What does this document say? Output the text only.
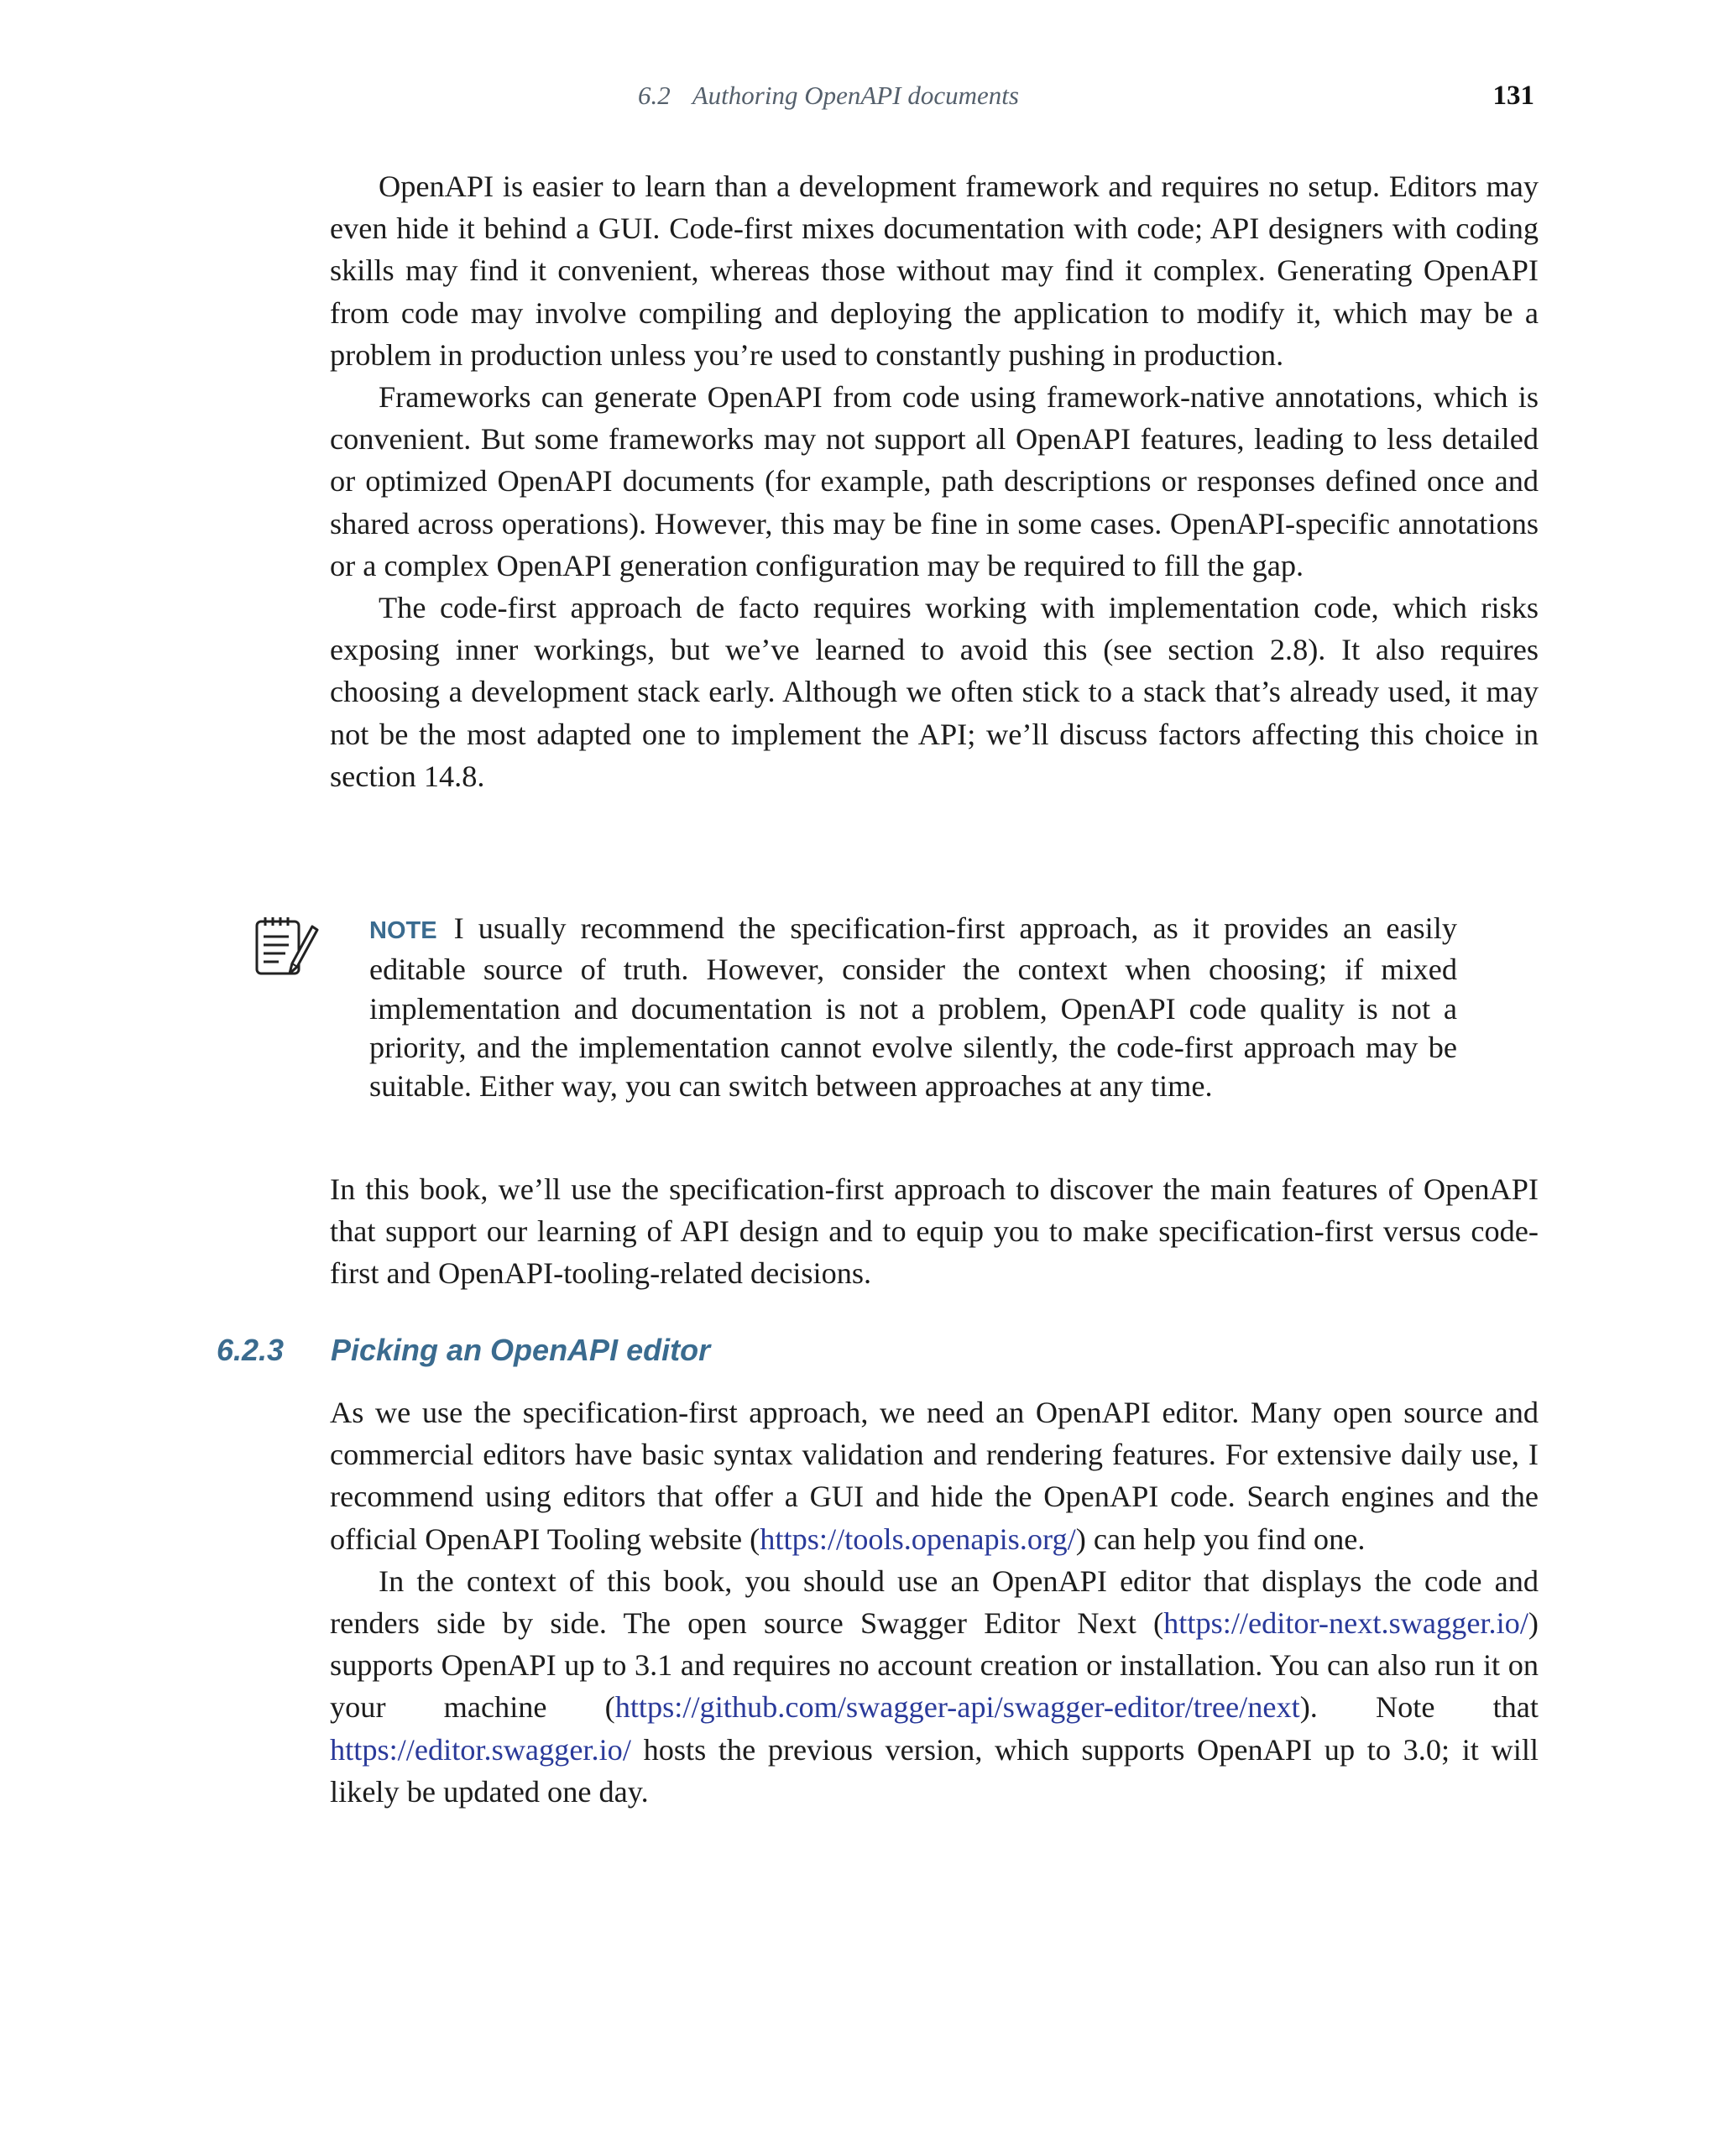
6.2 Authoring OpenAPI documents	131

OpenAPI is easier to learn than a development framework and requires no setup. Editors may even hide it behind a GUI. Code-first mixes documentation with code; API designers with coding skills may find it convenient, whereas those without may find it complex. Generating OpenAPI from code may involve compiling and deploying the application to modify it, which may be a problem in production unless you’re used to constantly pushing in production.

Frameworks can generate OpenAPI from code using framework-native annotations, which is convenient. But some frameworks may not support all OpenAPI features, leading to less detailed or optimized OpenAPI documents (for example, path descriptions or responses defined once and shared across operations). However, this may be fine in some cases. OpenAPI-specific annotations or a complex OpenAPI generation configuration may be required to fill the gap.

The code-first approach de facto requires working with implementation code, which risks exposing inner workings, but we’ve learned to avoid this (see section 2.8). It also requires choosing a development stack early. Although we often stick to a stack that’s already used, it may not be the most adapted one to implement the API; we’ll discuss factors affecting this choice in section 14.8.

NOTE I usually recommend the specification-first approach, as it provides an easily editable source of truth. However, consider the context when choosing; if mixed implementation and documentation is not a problem, OpenAPI code quality is not a priority, and the implementation cannot evolve silently, the code-first approach may be suitable. Either way, you can switch between approaches at any time.

In this book, we’ll use the specification-first approach to discover the main features of OpenAPI that support our learning of API design and to equip you to make specification-first versus code-first and OpenAPI-tooling-related decisions.

6.2.3 Picking an OpenAPI editor

As we use the specification-first approach, we need an OpenAPI editor. Many open source and commercial editors have basic syntax validation and rendering features. For extensive daily use, I recommend using editors that offer a GUI and hide the OpenAPI code. Search engines and the official OpenAPI Tooling website (https://​tools.openapis.org/) can help you find one.

In the context of this book, you should use an OpenAPI editor that displays the code and renders side by side. The open source Swagger Editor Next (https://editor​-next.swagger.io/) supports OpenAPI up to 3.1 and requires no account creation or installation. You can also run it on your machine (https://github.com/swagger-api/​swagger-editor/tree/next). Note that https://editor.swagger.io/ hosts the previous version, which supports OpenAPI up to 3.0; it will likely be updated one day.
